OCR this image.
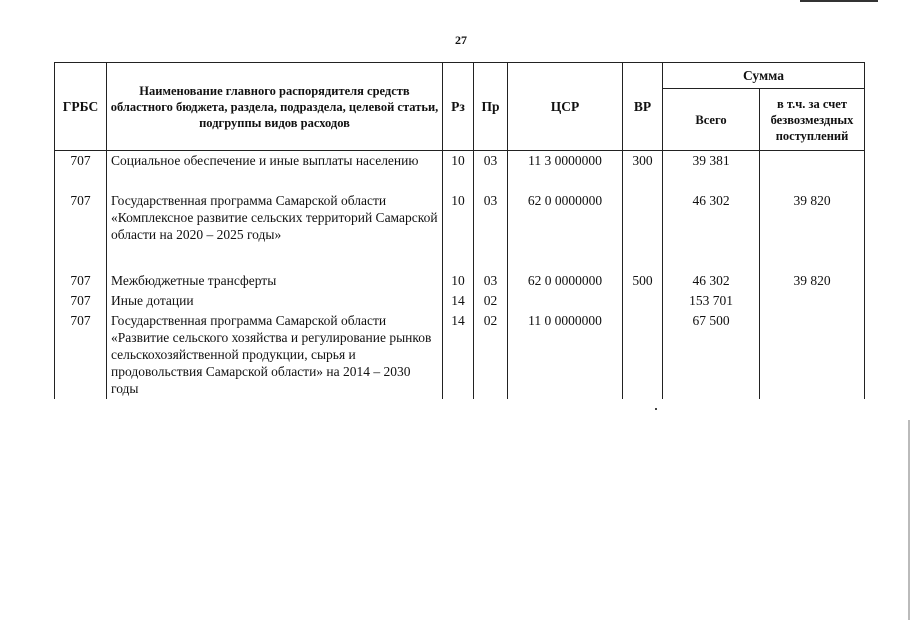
27
ГРБС	Наименование главного распорядителя средств областного бюджета, раздела, подраздела, целевой статьи, подгруппы видов расходов	Рз	Пр	ЦСР	ВР	Сумма	
						Всего	в т.ч. за счет безвозмездных поступлений
707	Социальное обеспечение и иные выплаты населению	10	03	11 3 0000000	300	39 381	
707	Государственная программа Самарской области «Комплексное развитие сельских территорий Самарской области на 2020 – 2025 годы»	10	03	62 0 0000000		46 302	39 820
707	Межбюджетные трансферты	10	03	62 0 0000000	500	46 302	39 820
707	Иные дотации	14	02			153 701	
707	Государственная программа Самарской области «Развитие сельского хозяйства и регулирование рынков сельскохозяйственной продукции, сырья и продовольствия Самарской области» на 2014 – 2030 годы	14	02	11 0 0000000		67 500	
